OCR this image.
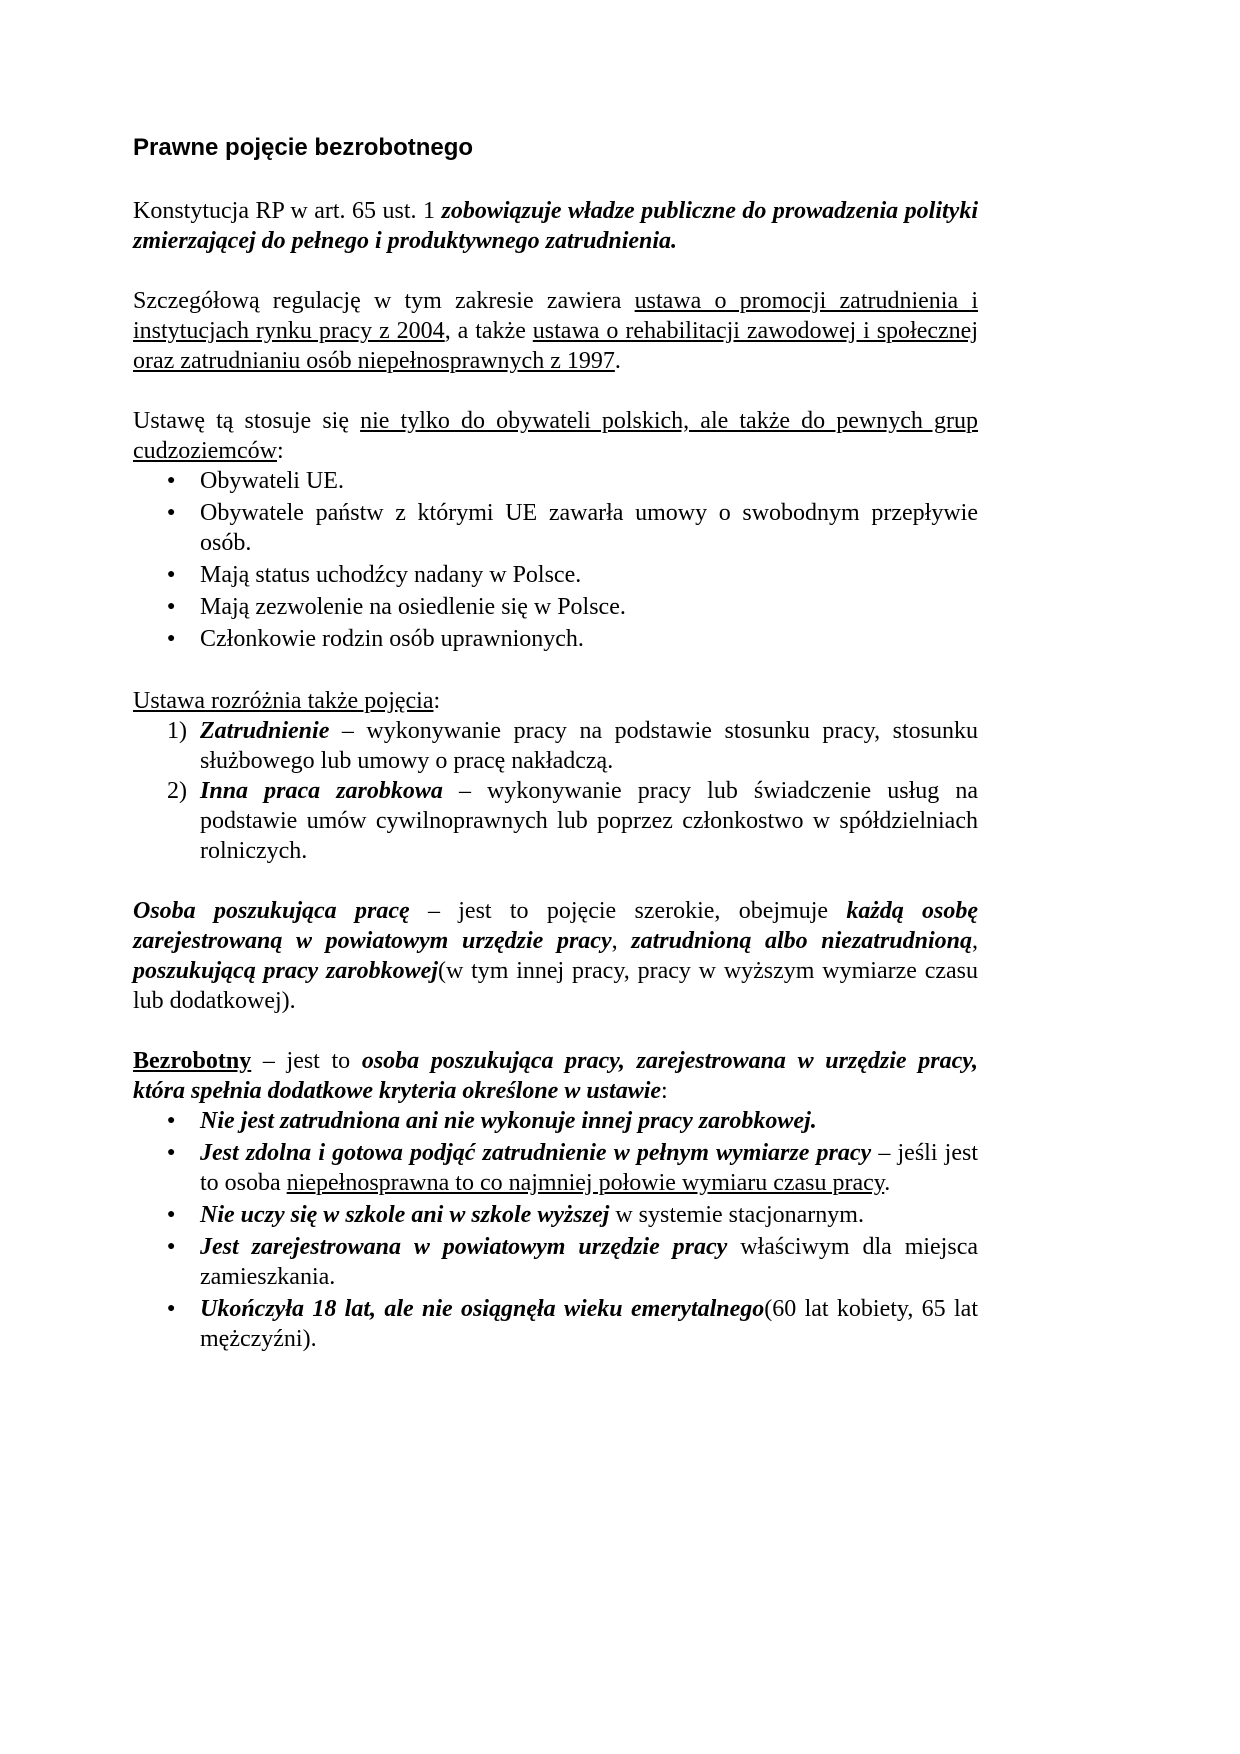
Prawne pojęcie bezrobotnego

Konstytucja RP w art. 65 ust. 1 zobowiązuje władze publiczne do prowadzenia polityki zmierzającej do pełnego i produktywnego zatrudnienia.

Szczegółową regulację w tym zakresie zawiera ustawa o promocji zatrudnienia i instytucjach rynku pracy z 2004, a także ustawa o rehabilitacji zawodowej i społecznej oraz zatrudnianiu osób niepełnosprawnych z 1997.

Ustawę tą stosuje się nie tylko do obywateli polskich, ale także do pewnych grup cudzoziemców:

● Obywateli UE.
● Obywatele państw z którymi UE zawarła umowy o swobodnym przepływie osób.
● Mają status uchodźcy nadany w Polsce.
● Mają zezwolenie na osiedlenie się w Polsce.
● Członkowie rodzin osób uprawnionych.

Ustawa rozróżnia także pojęcia:

1) Zatrudnienie – wykonywanie pracy na podstawie stosunku pracy, stosunku służbowego lub umowy o pracę nakładczą.
2) Inna praca zarobkowa – wykonywanie pracy lub świadczenie usług na podstawie umów cywilnoprawnych lub poprzez członkostwo w spółdzielniach rolniczych.

Osoba poszukująca pracę – jest to pojęcie szerokie, obejmuje każdą osobę zarejestrowaną w powiatowym urzędzie pracy, zatrudnioną albo niezatrudnioną, poszukującą pracy zarobkowej(w tym innej pracy, pracy w wyższym wymiarze czasu lub dodatkowej).

Bezrobotny – jest to osoba poszukująca pracy, zarejestrowana w urzędzie pracy, która spełnia dodatkowe kryteria określone w ustawie:

● Nie jest zatrudniona ani nie wykonuje innej pracy zarobkowej.
● Jest zdolna i gotowa podjąć zatrudnienie w pełnym wymiarze pracy – jeśli jest to osoba niepełnosprawna to co najmniej połowie wymiaru czasu pracy.
● Nie uczy się w szkole ani w szkole wyższej w systemie stacjonarnym.
● Jest zarejestrowana w powiatowym urzędzie pracy właściwym dla miejsca zamieszkania.
● Ukończyła 18 lat, ale nie osiągnęła wieku emerytalnego(60 lat kobiety, 65 lat mężczyźni).
